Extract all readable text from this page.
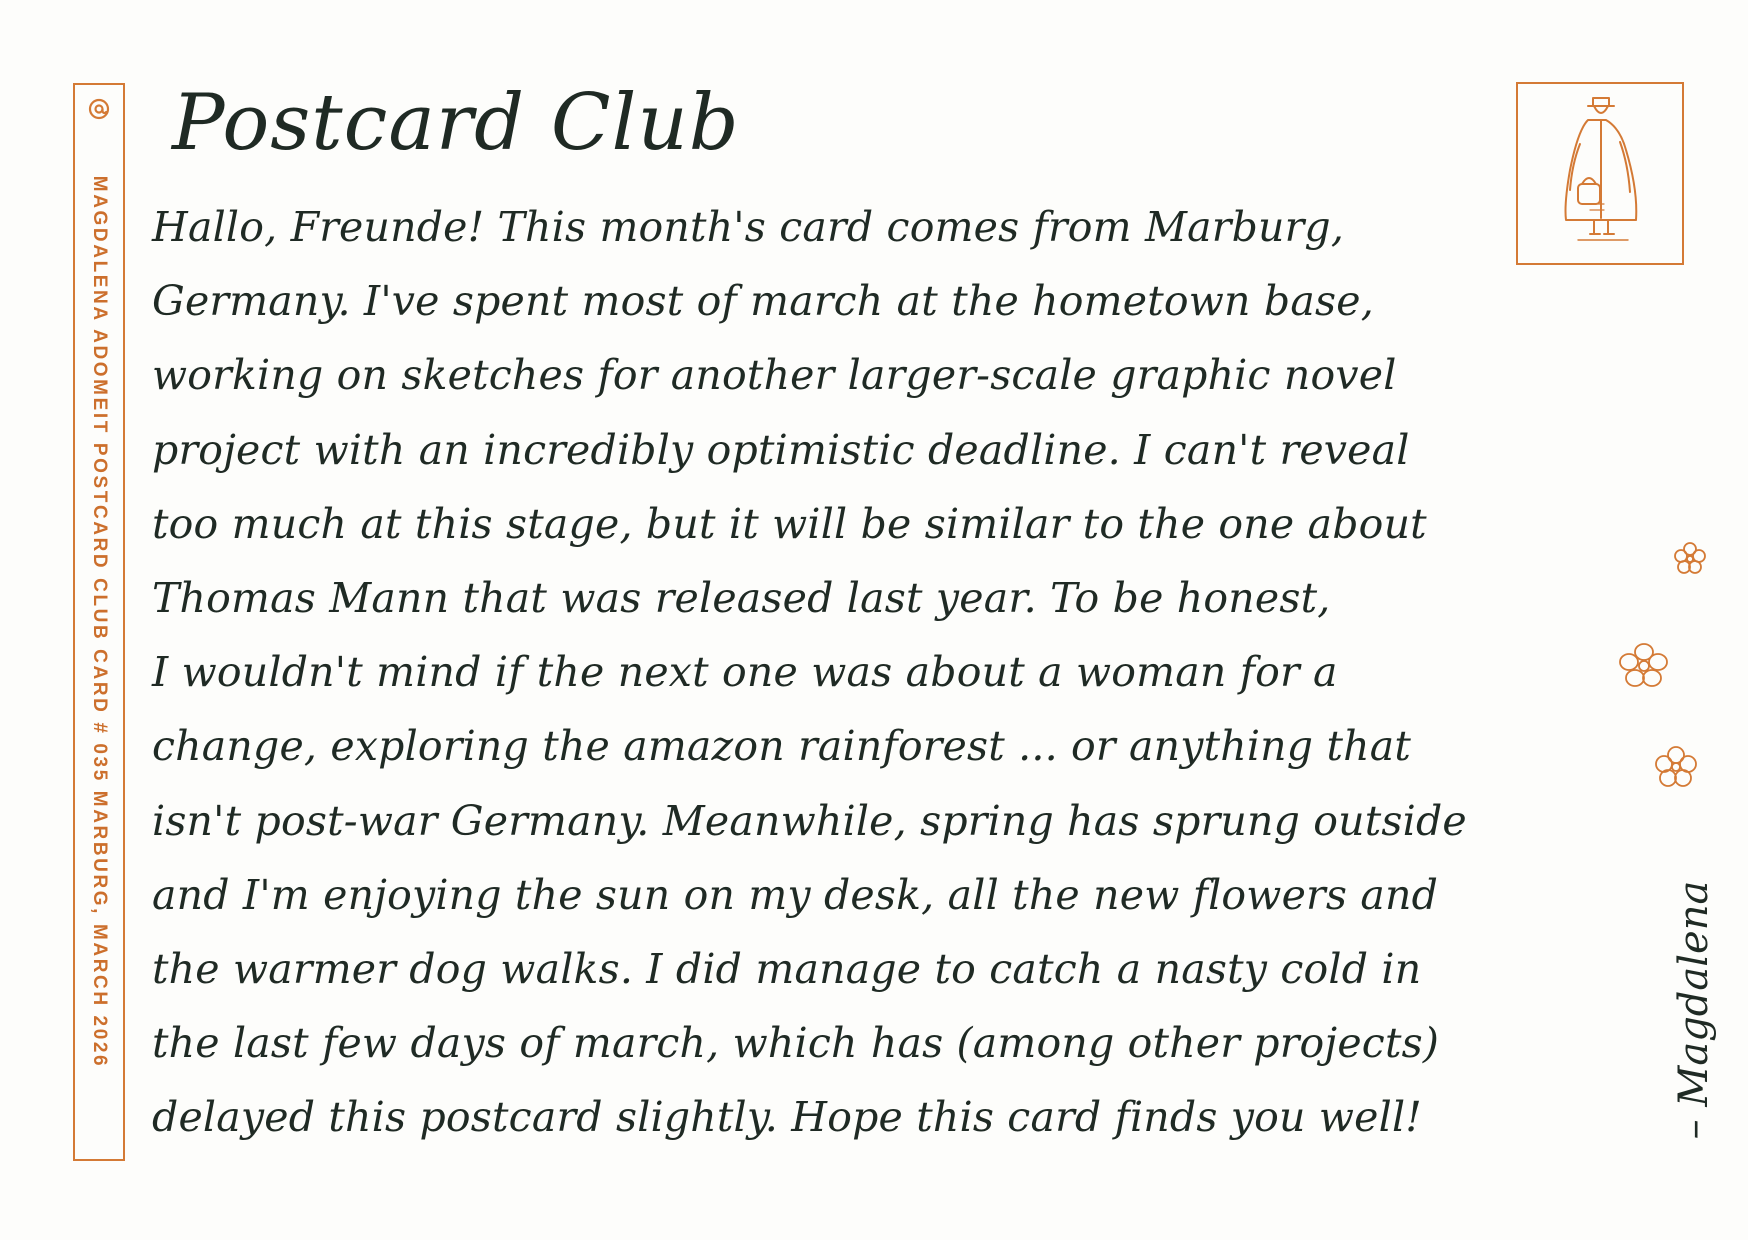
MAGDALENA ADOMEIT POSTCARD CLUB CARD # 035 MARBURG, MARCH 2026
Postcard Club
Hallo, Freunde! This month's card comes from Marburg,
Germany. I've spent most of march at the hometown base,
working on sketches for another larger-scale graphic novel
project with an incredibly optimistic deadline. I can't reveal
too much at this stage, but it will be similar to the one about
Thomas Mann that was released last year. To be honest,
I wouldn't mind if the next one was about a woman for a
change, exploring the amazon rainforest ... or anything that
isn't post-war Germany. Meanwhile, spring has sprung outside
and I'm enjoying the sun on my desk, all the new flowers and
the warmer dog walks. I did manage to catch a nasty cold in
the last few days of march, which has (among other projects)
delayed this postcard slightly. Hope this card finds you well!	– Magdalena
